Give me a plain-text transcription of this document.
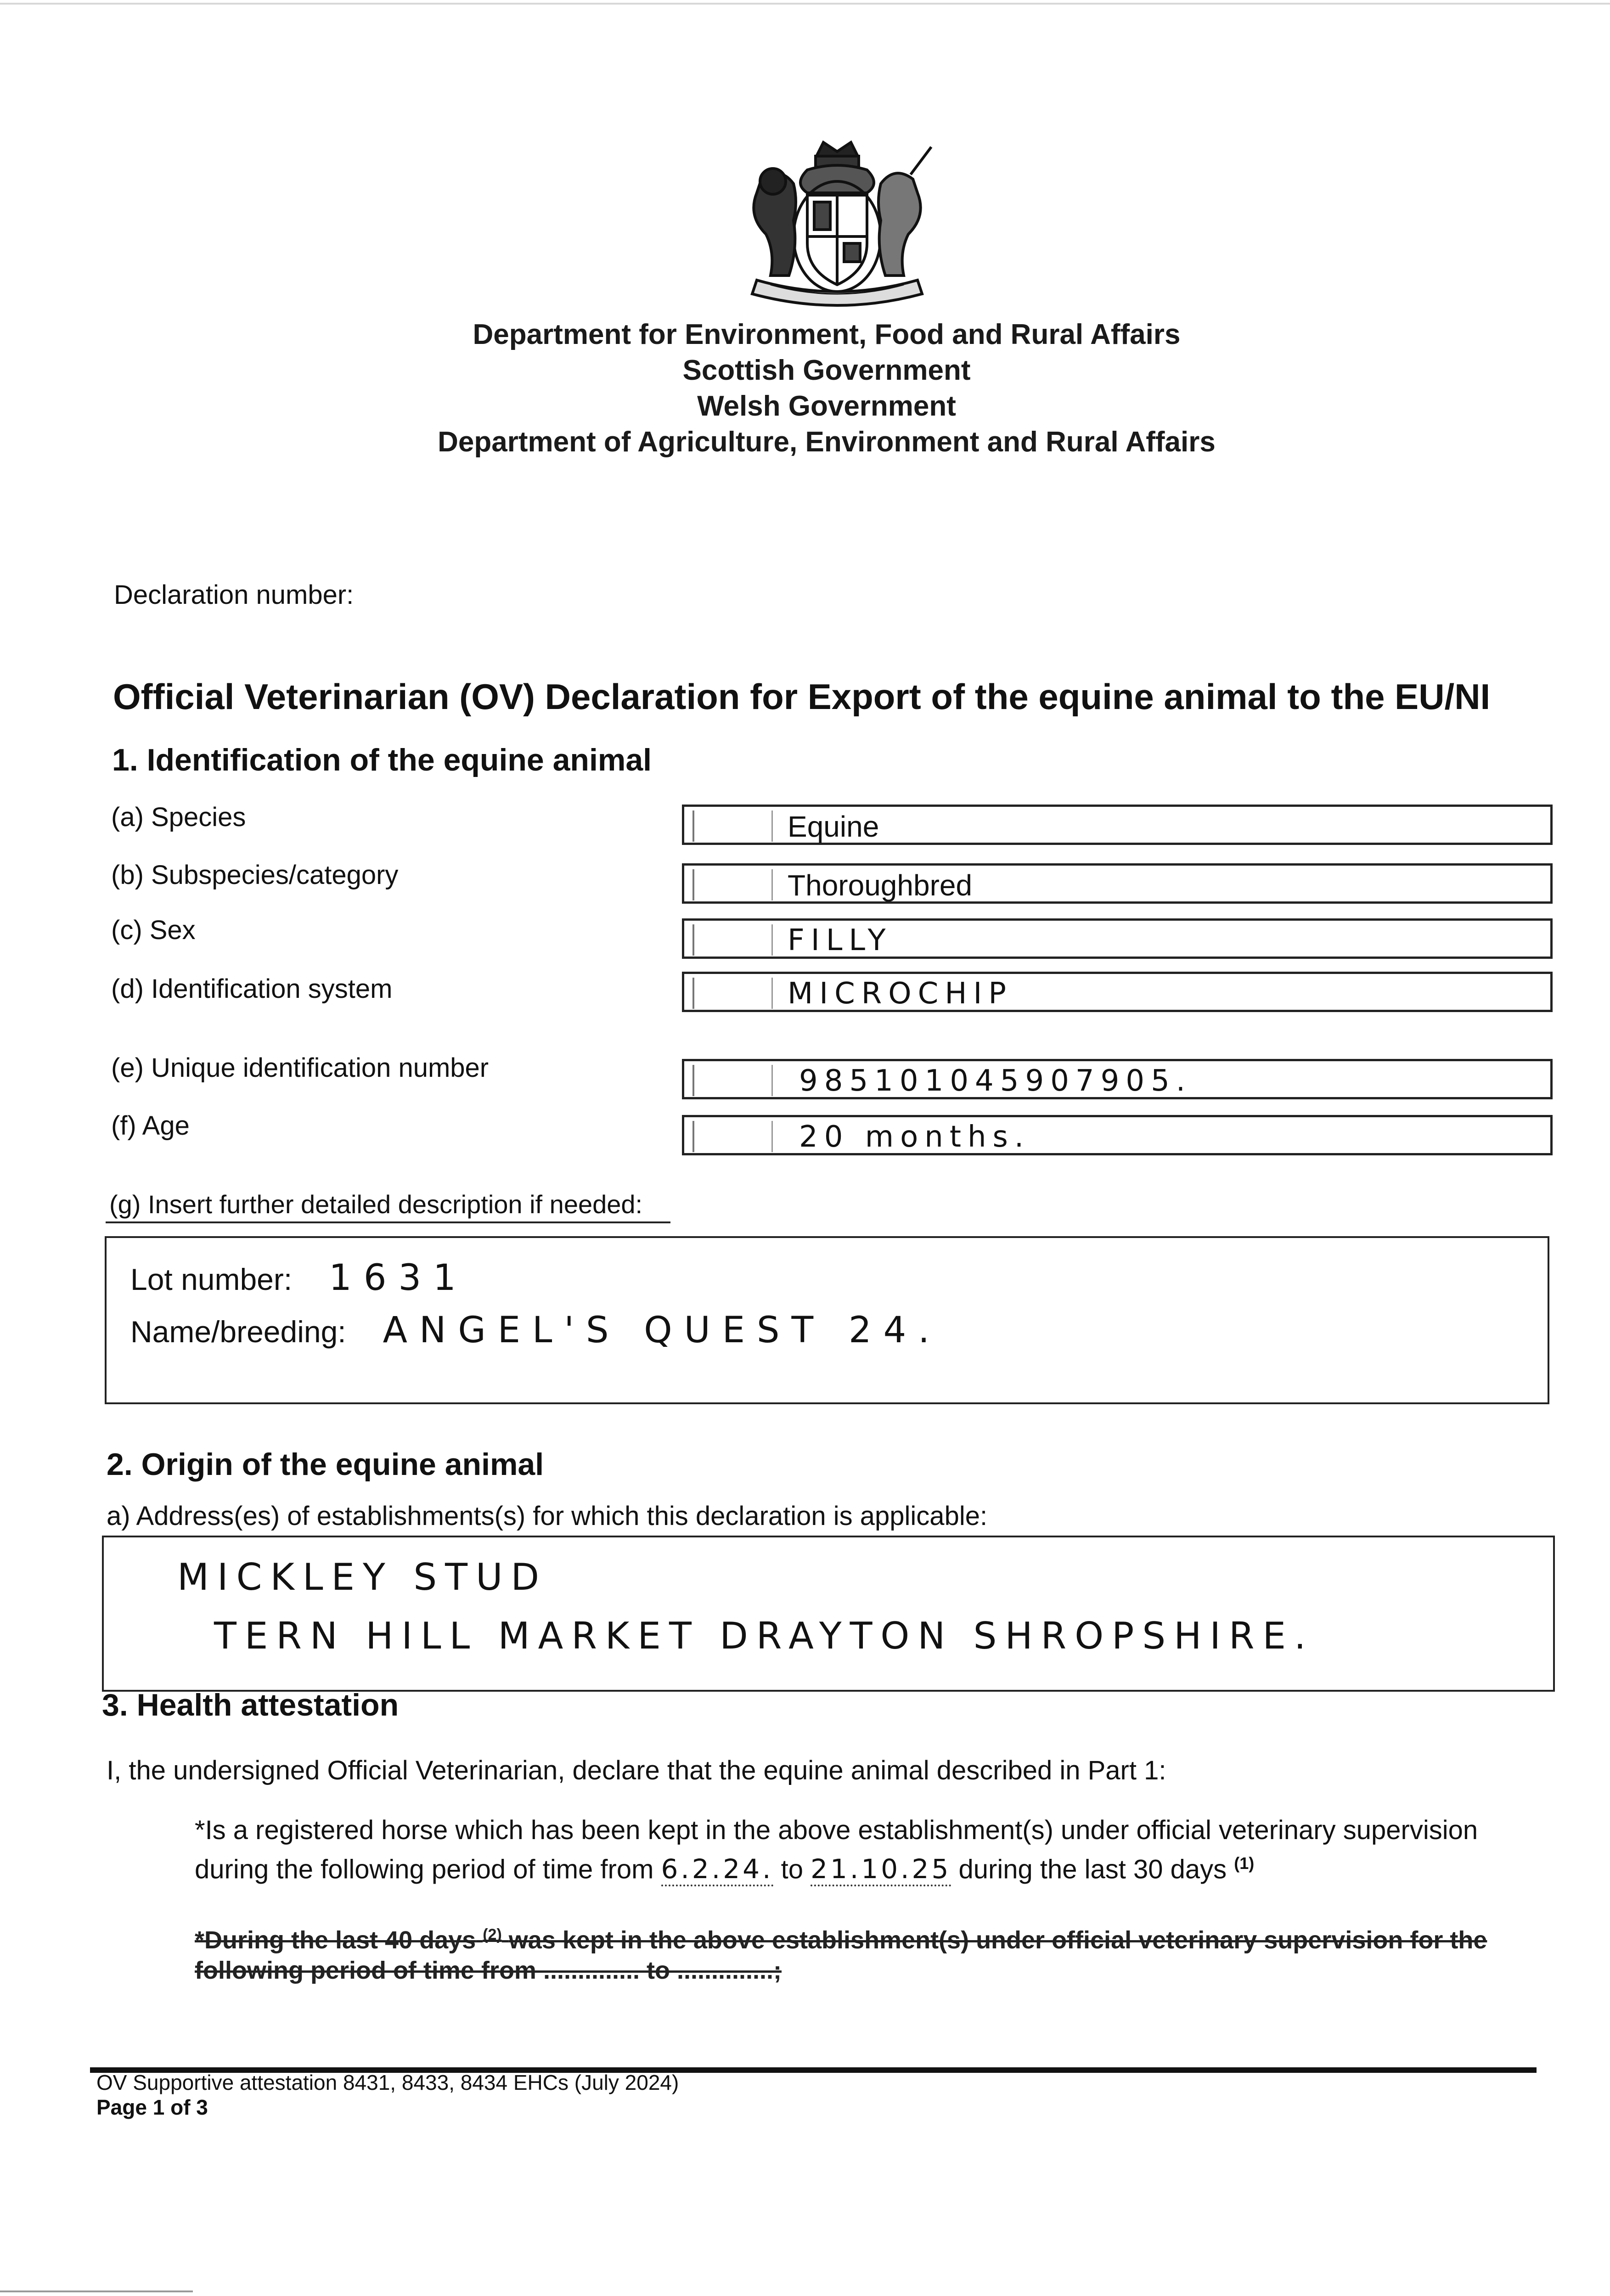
Department for Environment, Food and Rural Affairs
Scottish Government
Welsh Government
Department of Agriculture, Environment and Rural Affairs
Declaration number:
Official Veterinarian (OV) Declaration for Export of the equine animal to the EU/NI
1. Identification of the equine animal
(a) Species	Equine
(b) Subspecies/category	Thoroughbred
(c) Sex	FILLY
(d) Identification system	MICROCHIP
(e) Unique identification number	985101045907905.
(f) Age	20 months.
(g) Insert further detailed description if needed:
Lot number: 1631
Name/breeding: ANGEL'S QUEST 24.
2. Origin of the equine animal
a) Address(es) of establishments(s) for which this declaration is applicable:
MICKLEY STUD
TERN HILL MARKET DRAYTON SHROPSHIRE.
3. Health attestation
I, the undersigned Official Veterinarian, declare that the equine animal described in Part 1:
*Is a registered horse which has been kept in the above establishment(s) under official veterinary supervision during the following period of time from 6.2.24. to 21.10.25 during the last 30 days $^{(1)}$
*During the last 40 days $^{(2)}$ was kept in the above establishment(s) under official veterinary supervision for the following period of time from .............. to ..............;
OV Supportive attestation 8431, 8433, 8434 EHCs (July 2024)
Page 1 of 3
